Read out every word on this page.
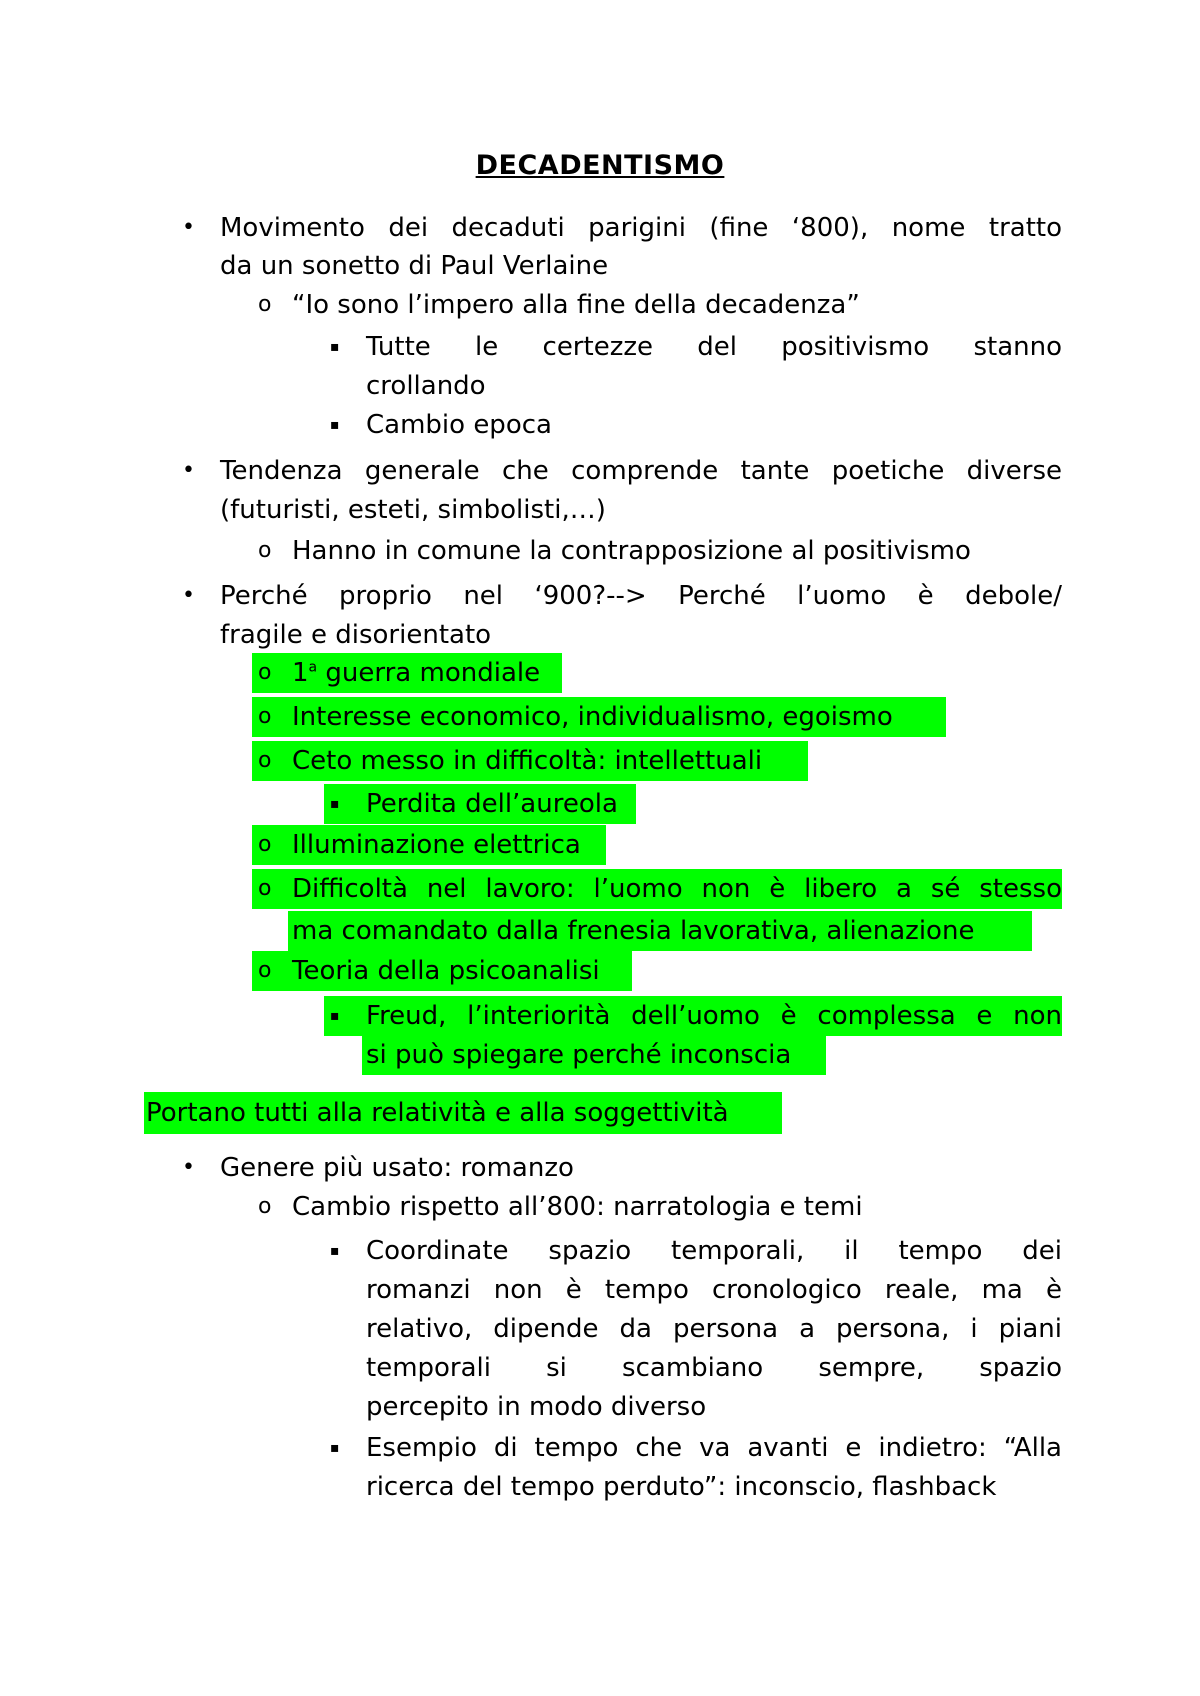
DECADENTISMO
• Movimento dei decaduti parigini (fine ‘800), nome tratto
da un sonetto di Paul Verlaine
o “Io sono l’impero alla fine della decadenza”
▪ Tutte le certezze del positivismo stanno
crollando
▪ Cambio epoca
• Tendenza generale che comprende tante poetiche diverse
(futuristi, esteti, simbolisti,…)
o Hanno in comune la contrapposizione al positivismo
• Perché proprio nel ‘900?--> Perché l’uomo è debole/
fragile e disorientato
o 1$^a$ guerra mondiale
o Interesse economico, individualismo, egoismo
o Ceto messo in difficoltà: intellettuali
▪ Perdita dell’aureola
o Illuminazione elettrica
o Difficoltà nel lavoro: l’uomo non è libero a sé stesso
ma comandato dalla frenesia lavorativa, alienazione
o Teoria della psicoanalisi
▪ Freud, l’interiorità dell’uomo è complessa e non
si può spiegare perché inconscia
Portano tutti alla relatività e alla soggettività
• Genere più usato: romanzo
o Cambio rispetto all’800: narratologia e temi
▪ Coordinate spazio temporali, il tempo dei
romanzi non è tempo cronologico reale, ma è
relativo, dipende da persona a persona, i piani
temporali si scambiano sempre, spazio
percepito in modo diverso
▪ Esempio di tempo che va avanti e indietro: “Alla
ricerca del tempo perduto”: inconscio, flashback
